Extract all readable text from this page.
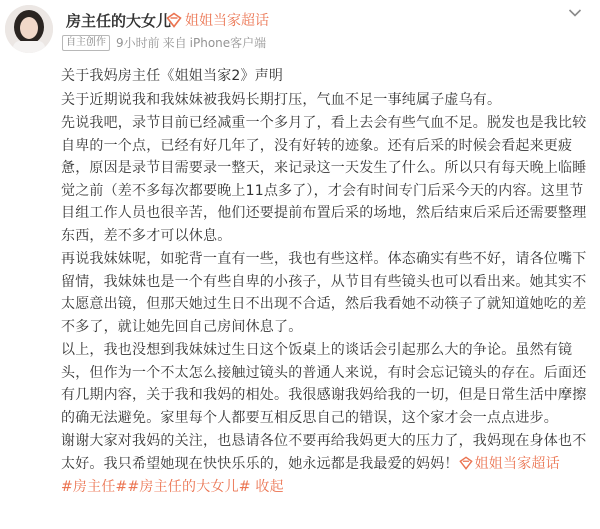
房主任的大女儿 姐姐当家超话
自主创作 9小时前 来自 iPhone客户端

关于我妈房主任《姐姐当家2》声明

关于近期说我和我妹妹被我妈长期打压，气血不足一事纯属子虚乌有。

先说我吧，录节目前已经减重一个多月了，看上去会有些气血不足。脱发也是我比较自卑的一个点，已经有好几年了，没有好转的迹象。还有后采的时候会看起来更疲惫，原因是录节目需要录一整天，来记录这一天发生了什么。所以只有每天晚上临睡觉之前（差不多每次都要晚上11点多了），才会有时间专门后采今天的内容。这里节目组工作人员也很辛苦，他们还要提前布置后采的场地，然后结束后采后还需要整理东西，差不多才可以休息。

再说我妹妹呢，如驼背一直有一些，我也有些这样。体态确实有些不好，请各位嘴下留情，我妹妹也是一个有些自卑的小孩子，从节目有些镜头也可以看出来。她其实不太愿意出镜，但那天她过生日不出现不合适，然后我看她不动筷子了就知道她吃的差不多了，就让她先回自己房间休息了。

以上，我也没想到我妹妹过生日这个饭桌上的谈话会引起那么大的争论。虽然有镜头，但作为一个不太怎么接触过镜头的普通人来说，有时会忘记镜头的存在。后面还有几期内容，关于我和我妈的相处。我很感谢我妈给我的一切，但是日常生活中摩擦的确无法避免。家里每个人都要互相反思自己的错误，这个家才会一点点进步。

谢谢大家对我妈的关注，也恳请各位不要再给我妈更大的压力了，我妈现在身体也不太好。我只希望她现在快快乐乐的，她永远都是我最爱的妈妈！ 姐姐当家超话

#房主任##房主任的大女儿# 收起
